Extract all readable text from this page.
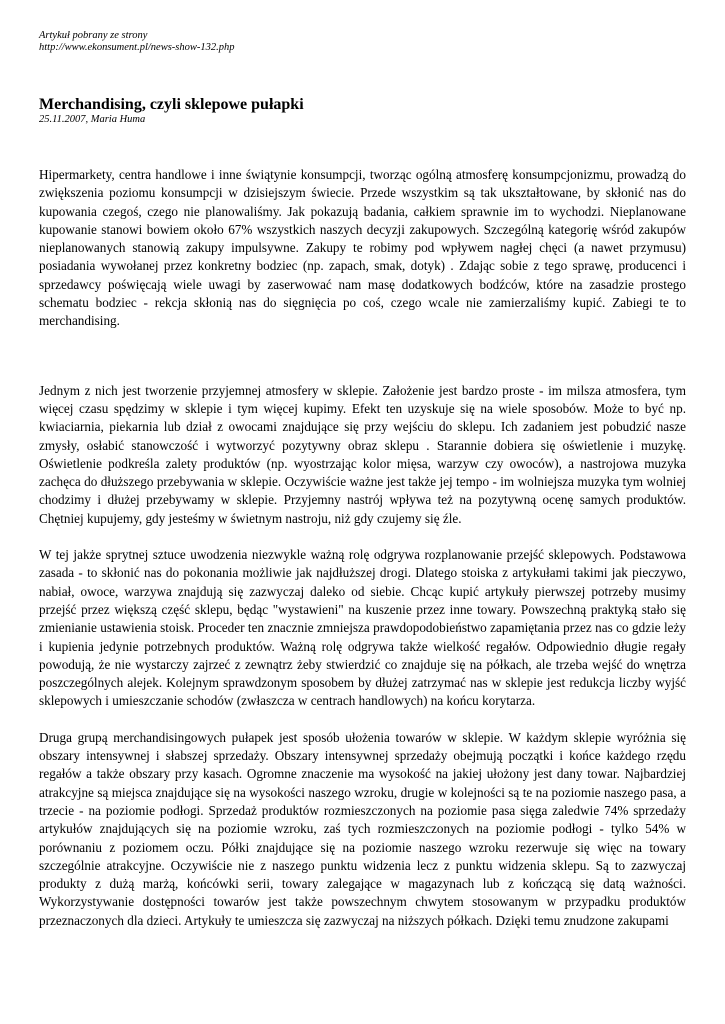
Artykuł pobrany ze strony
http://www.ekonsument.pl/news-show-132.php
Merchandising, czyli sklepowe pułapki
25.11.2007, Maria Huma

Hipermarkety, centra handlowe i inne świątynie konsumpcji, tworząc ogólną atmosferę konsumpcjonizmu, prowadzą do zwiększenia poziomu konsumpcji w dzisiejszym świecie. Przede wszystkim są tak ukształtowane, by skłonić nas do kupowania czegoś, czego nie planowaliśmy. Jak pokazują badania, całkiem sprawnie im to wychodzi. Nieplanowane kupowanie stanowi bowiem około 67% wszystkich naszych decyzji zakupowych. Szczególną kategorię wśród zakupów nieplanowanych stanowią zakupy impulsywne. Zakupy te robimy pod wpływem nagłej chęci (a nawet przymusu) posiadania wywołanej przez konkretny bodziec (np. zapach, smak, dotyk) . Zdając sobie z tego sprawę, producenci i sprzedawcy poświęcają wiele uwagi by zaserwować nam masę dodatkowych bodźców, które na zasadzie prostego schematu bodziec - rekcja skłonią nas do sięgnięcia po coś, czego wcale nie zamierzaliśmy kupić. Zabiegi te to merchandising.

Jednym z nich jest tworzenie przyjemnej atmosfery w sklepie. Założenie jest bardzo proste - im milsza atmosfera, tym więcej czasu spędzimy w sklepie i tym więcej kupimy. Efekt ten uzyskuje się na wiele sposobów. Może to być np. kwiaciarnia, piekarnia lub dział z owocami znajdujące się przy wejściu do sklepu. Ich zadaniem jest pobudzić nasze zmysły, osłabić stanowczość i wytworzyć pozytywny obraz sklepu . Starannie dobiera się oświetlenie i muzykę. Oświetlenie podkreśla zalety produktów (np. wyostrzając kolor mięsa, warzyw czy owoców), a nastrojowa muzyka zachęca do dłuższego przebywania w sklepie. Oczywiście ważne jest także jej tempo - im wolniejsza muzyka tym wolniej chodzimy i dłużej przebywamy w sklepie. Przyjemny nastrój wpływa też na pozytywną ocenę samych produktów. Chętniej kupujemy, gdy jesteśmy w świetnym nastroju, niż gdy czujemy się źle.

W tej jakże sprytnej sztuce uwodzenia niezwykle ważną rolę odgrywa rozplanowanie przejść sklepowych. Podstawowa zasada - to skłonić nas do pokonania możliwie jak najdłuższej drogi. Dlatego stoiska z artykułami takimi jak pieczywo, nabiał, owoce, warzywa znajdują się zazwyczaj daleko od siebie. Chcąc kupić artykuły pierwszej potrzeby musimy przejść przez większą część sklepu, będąc "wystawieni" na kuszenie przez inne towary. Powszechną praktyką stało się zmienianie ustawienia stoisk. Proceder ten znacznie zmniejsza prawdopodobieństwo zapamiętania przez nas co gdzie leży i kupienia jedynie potrzebnych produktów. Ważną rolę odgrywa także wielkość regałów. Odpowiednio długie regały powodują, że nie wystarczy zajrzeć z zewnątrz żeby stwierdzić co znajduje się na półkach, ale trzeba wejść do wnętrza poszczególnych alejek. Kolejnym sprawdzonym sposobem by dłużej zatrzymać nas w sklepie jest redukcja liczby wyjść sklepowych i umieszczanie schodów (zwłaszcza w centrach handlowych) na końcu korytarza.

Druga grupą merchandisingowych pułapek jest sposób ułożenia towarów w sklepie. W każdym sklepie wyróżnia się obszary intensywnej i słabszej sprzedaży. Obszary intensywnej sprzedaży obejmują początki i końce każdego rzędu regałów a także obszary przy kasach. Ogromne znaczenie ma wysokość na jakiej ułożony jest dany towar. Najbardziej atrakcyjne są miejsca znajdujące się na wysokości naszego wzroku, drugie w kolejności są te na poziomie naszego pasa, a trzecie - na poziomie podłogi. Sprzedaż produktów rozmieszczonych na poziomie pasa sięga zaledwie 74% sprzedaży artykułów znajdujących się na poziomie wzroku, zaś tych rozmieszczonych na poziomie podłogi - tylko 54% w porównaniu z poziomem oczu. Półki znajdujące się na poziomie naszego wzroku rezerwuje się więc na towary szczególnie atrakcyjne. Oczywiście nie z naszego punktu widzenia lecz z punktu widzenia sklepu. Są to zazwyczaj produkty z dużą marżą, końcówki serii, towary zalegające w magazynach lub z kończącą się datą ważności. Wykorzystywanie dostępności towarów jest także powszechnym chwytem stosowanym w przypadku produktów przeznaczonych dla dzieci. Artykuły te umieszcza się zazwyczaj na niższych półkach. Dzięki temu znudzone zakupami
